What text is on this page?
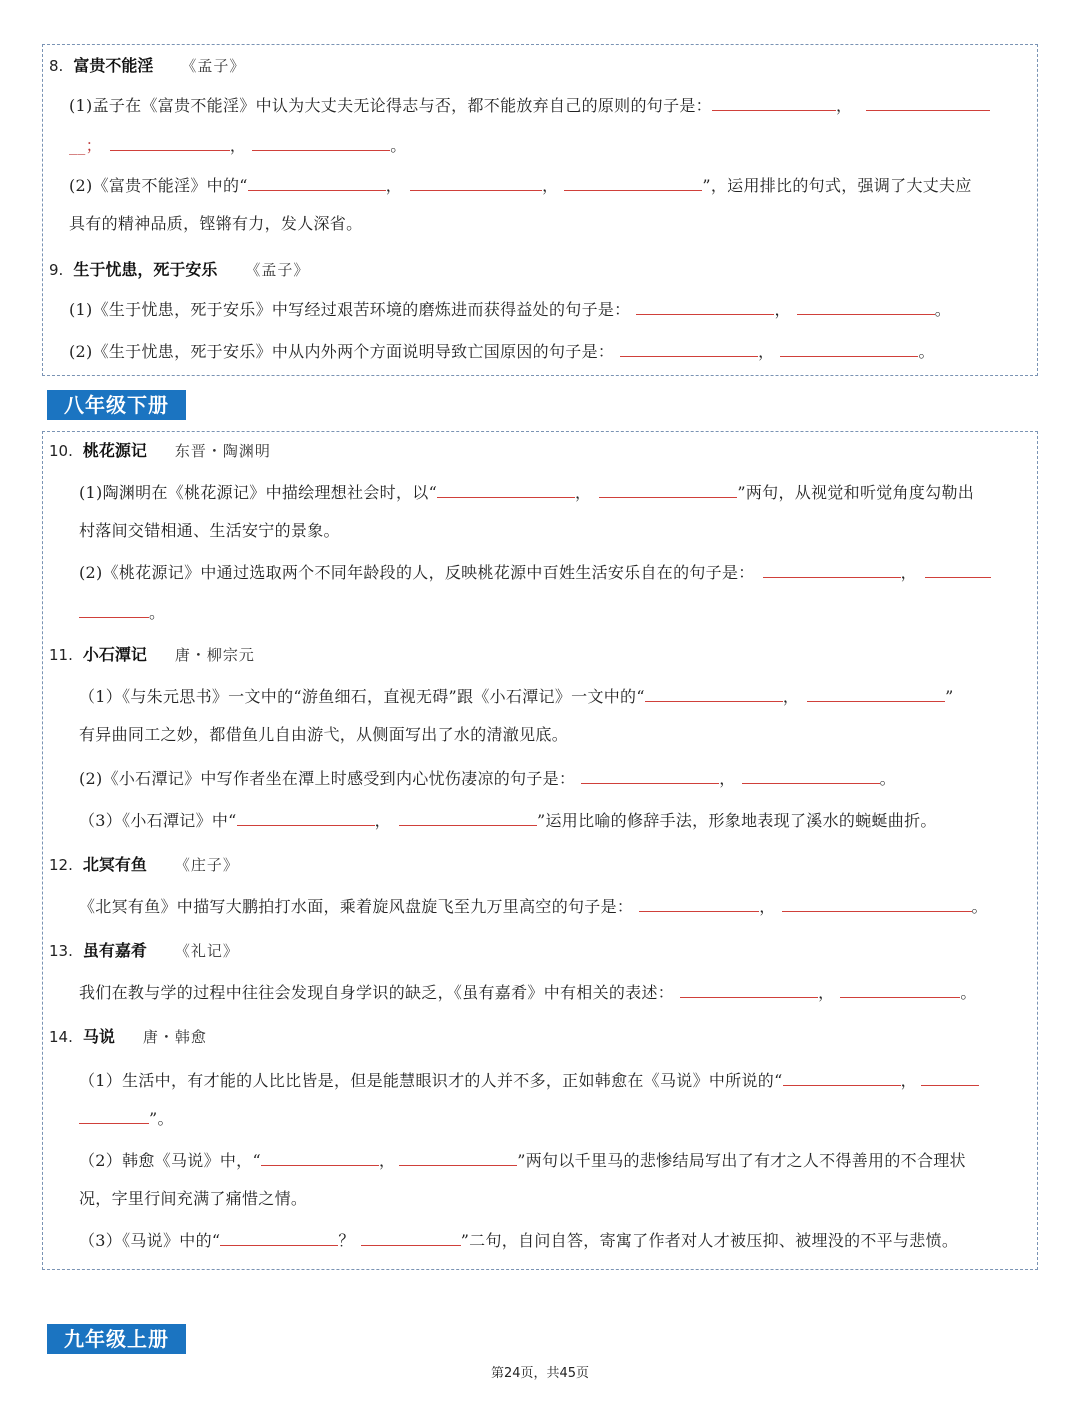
8. 富贵不能淫 《孟子》
(1)孟子在《富贵不能淫》中认为大丈夫无论得志与否，都不能放弃自己的原则的句子是：	，
__；	，	。
(2)《富贵不能淫》中的“	，	，	”，运用排比的句式，强调了大丈夫应
具有的精神品质，铿锵有力，发人深省。
9. 生于忧患，死于安乐 《孟子》
(1)《生于忧患，死于安乐》中写经过艰苦环境的磨炼进而获得益处的句子是：	，	。
(2)《生于忧患，死于安乐》中从内外两个方面说明导致亡国原因的句子是：	，	。
八年级下册
10. 桃花源记 东晋・陶渊明
(1)陶渊明在《桃花源记》中描绘理想社会时，以“	，	”两句，从视觉和听觉角度勾勒出
村落间交错相通、生活安宁的景象。
(2)《桃花源记》中通过选取两个不同年龄段的人，反映桃花源中百姓生活安乐自在的句子是：	，
。
11. 小石潭记 唐・柳宗元
（1）《与朱元思书》一文中的“游鱼细石，直视无碍”跟《小石潭记》一文中的“	，	”
有异曲同工之妙，都借鱼儿自由游弋，从侧面写出了水的清澈见底。
(2)《小石潭记》中写作者坐在潭上时感受到内心忧伤凄凉的句子是：	，	。
（3）《小石潭记》中“	，	”运用比喻的修辞手法，形象地表现了溪水的蜿蜒曲折。
12. 北冥有鱼 《庄子》
《北冥有鱼》中描写大鹏拍打水面，乘着旋风盘旋飞至九万里高空的句子是：	，	。
13. 虽有嘉肴 《礼记》
我们在教与学的过程中往往会发现自身学识的缺乏，《虽有嘉肴》中有相关的表述：	，	。
14. 马说 唐・韩愈
（1）生活中，有才能的人比比皆是，但是能慧眼识才的人并不多，正如韩愈在《马说》中所说的“	，
”。
（2）韩愈《马说》中，“	，	”两句以千里马的悲惨结局写出了有才之人不得善用的不合理状
况，字里行间充满了痛惜之情。
（3）《马说》中的“	？	”二句，自问自答，寄寓了作者对人才被压抑、被埋没的不平与悲愤。
九年级上册
第24页，共45页
